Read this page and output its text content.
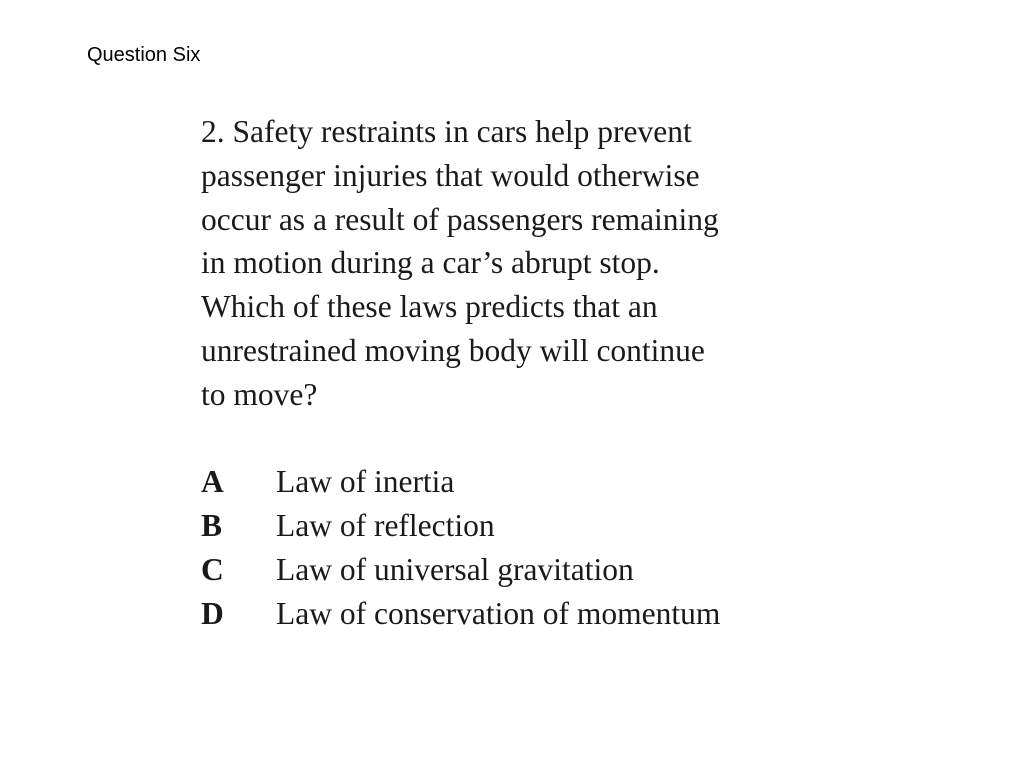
Question Six
2. Safety restraints in cars help prevent
passenger injuries that would otherwise
occur as a result of passengers remaining
in motion during a car’s abrupt stop.
Which of these laws predicts that an
unrestrained moving body will continue
to move?
A	Law of inertia
B	Law of reflection
C	Law of universal gravitation
D	Law of conservation of momentum
